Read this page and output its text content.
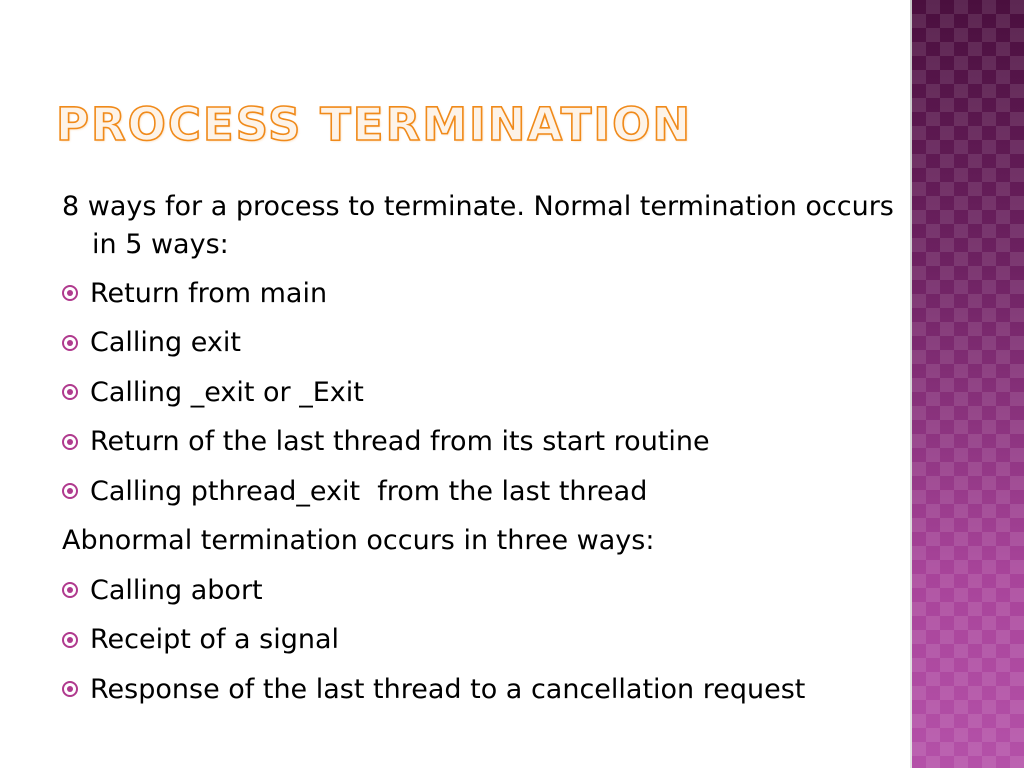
PROCESS TERMINATION
8 ways for a process to terminate. Normal termination occurs in 5 ways:
Return from main
Calling exit
Calling _exit or _Exit
Return of the last thread from its start routine
Calling pthread_exit  from the last thread
Abnormal termination occurs in three ways:
Calling abort
Receipt of a signal
Response of the last thread to a cancellation request
